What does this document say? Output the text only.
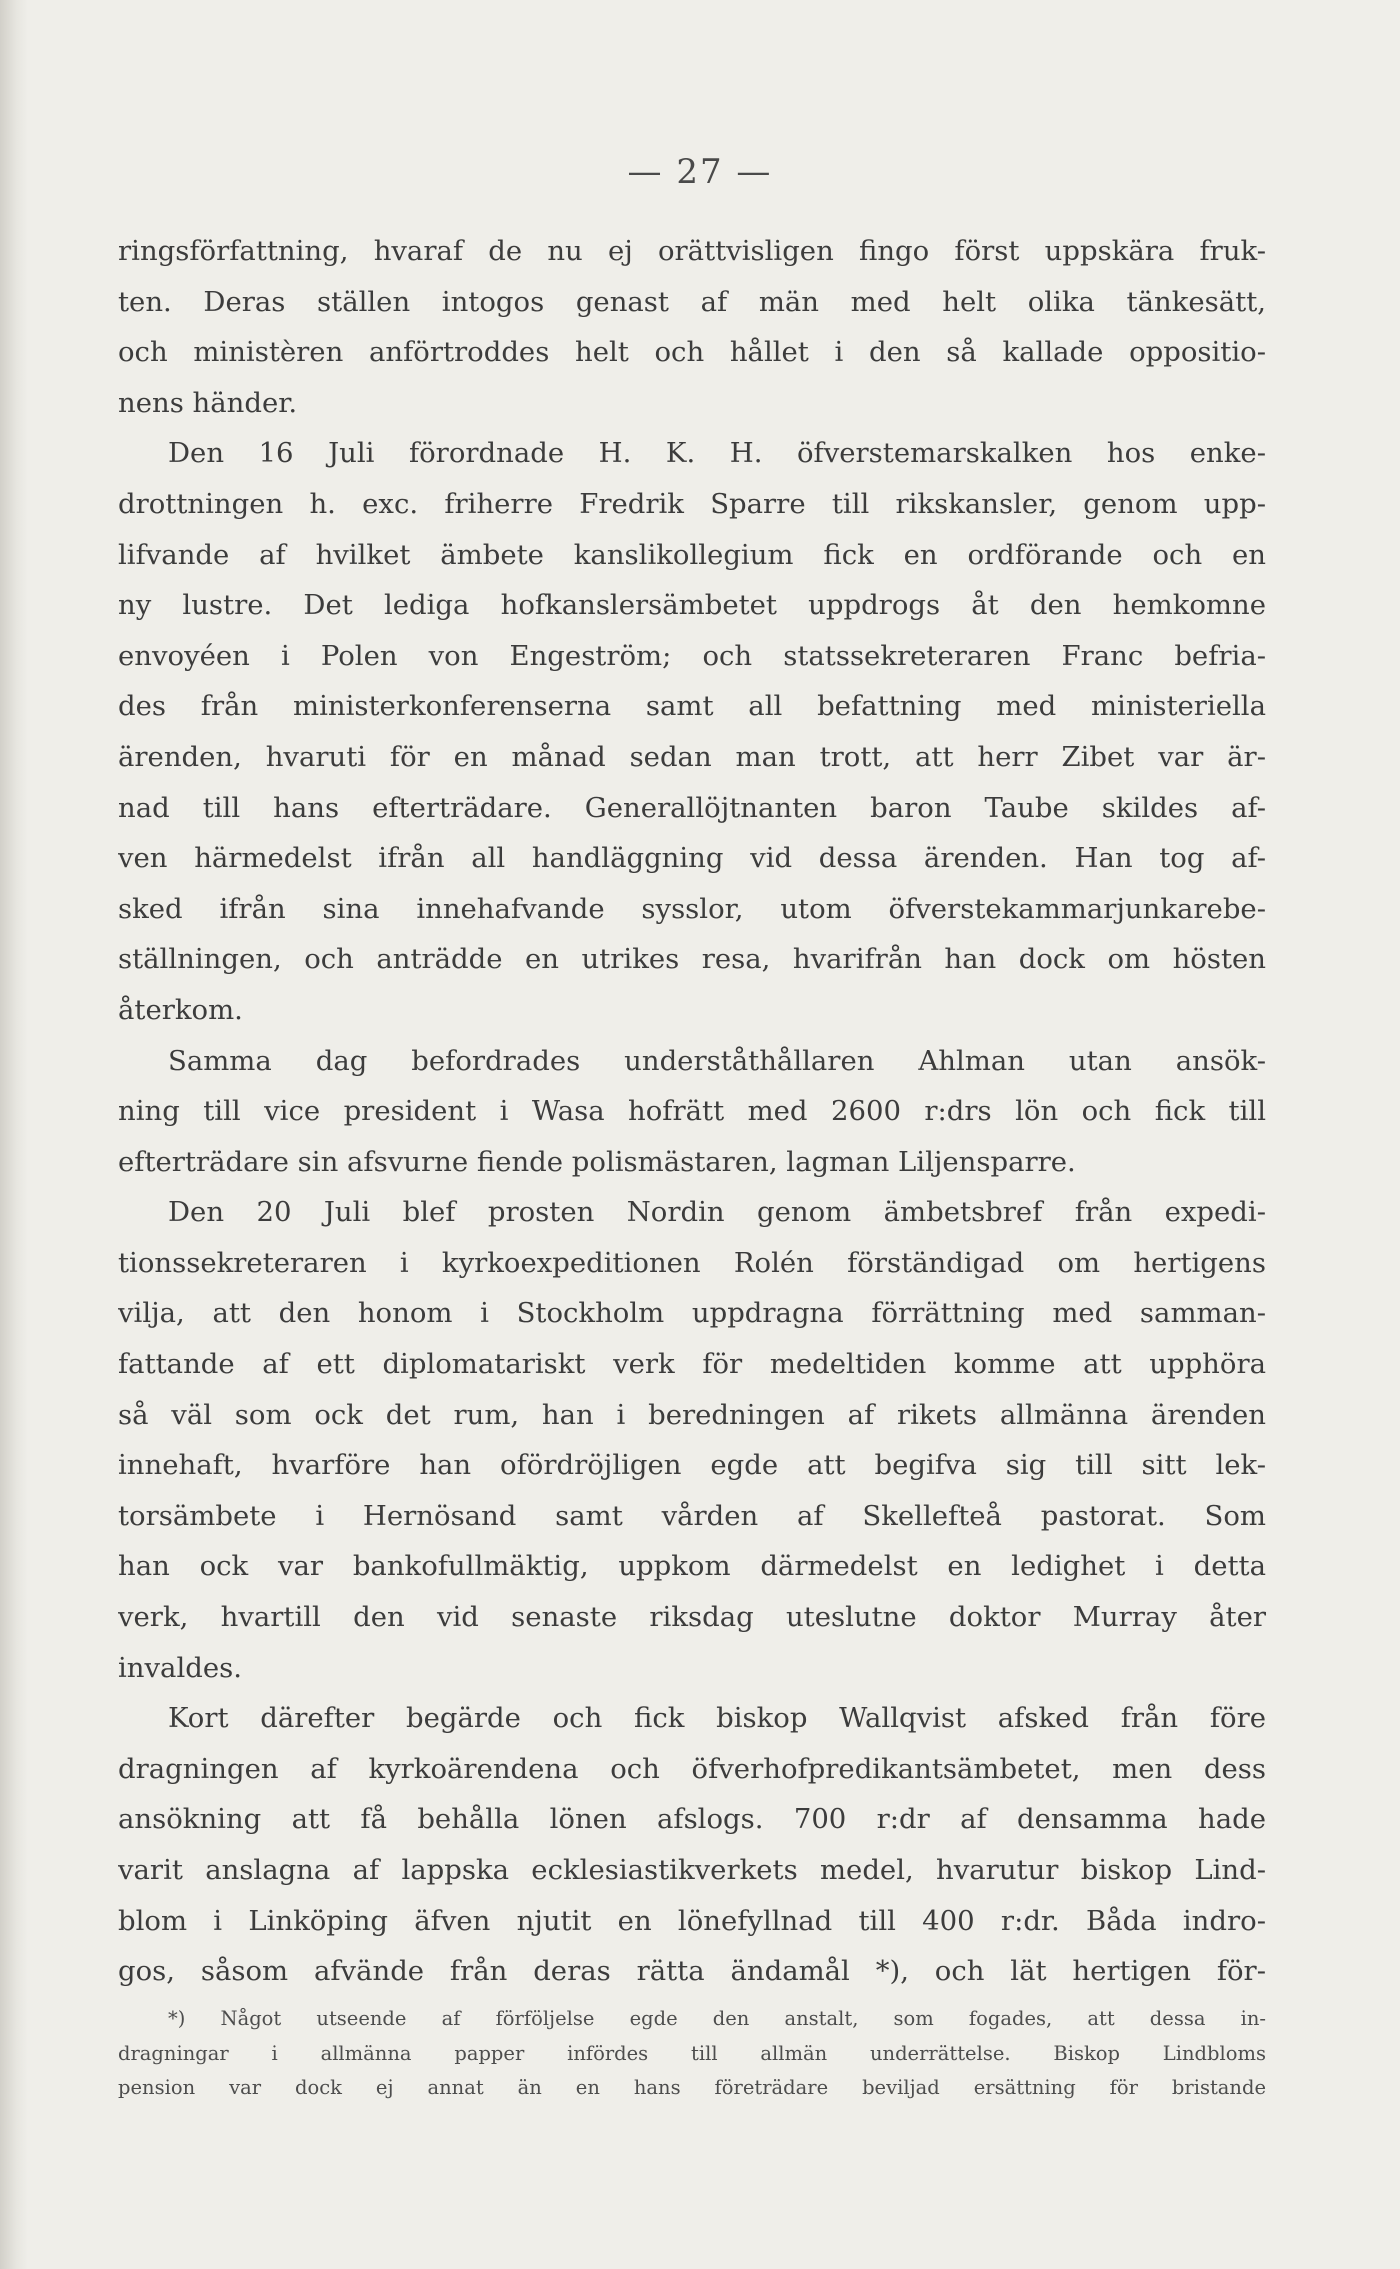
— 27 —

ringsförfattning, hvaraf de nu ej orättvisligen fingo först uppskära fruk-
ten. Deras ställen intogos genast af män med helt olika tänkesätt,
och ministèren anförtroddes helt och hållet i den så kallade oppositio-
nens händer.
Den 16 Juli förordnade H. K. H. öfverstemarskalken hos enke-
drottningen h. exc. friherre Fredrik Sparre till rikskansler, genom upp-
lifvande af hvilket ämbete kanslikollegium fick en ordförande och en
ny lustre. Det lediga hofkanslersämbetet uppdrogs åt den hemkomne
envoyéen i Polen von Engeström; och statssekreteraren Franc befria-
des från ministerkonferenserna samt all befattning med ministeriella
ärenden, hvaruti för en månad sedan man trott, att herr Zibet var är-
nad till hans efterträdare. Generallöjtnanten baron Taube skildes af-
ven härmedelst ifrån all handläggning vid dessa ärenden. Han tog af-
sked ifrån sina innehafvande sysslor, utom öfverstekammarjunkarebe-
ställningen, och anträdde en utrikes resa, hvarifrån han dock om hösten
återkom.
Samma dag befordrades underståthållaren Ahlman utan ansök-
ning till vice president i Wasa hofrätt med 2600 r:drs lön och fick till
efterträdare sin afsvurne fiende polismästaren, lagman Liljensparre.
Den 20 Juli blef prosten Nordin genom ämbetsbref från expedi-
tionssekreteraren i kyrkoexpeditionen Rolén förständigad om hertigens
vilja, att den honom i Stockholm uppdragna förrättning med samman-
fattande af ett diplomatariskt verk för medeltiden komme att upphöra
så väl som ock det rum, han i beredningen af rikets allmänna ärenden
innehaft, hvarföre han ofördröjligen egde att begifva sig till sitt lek-
torsämbete i Hernösand samt vården af Skellefteå pastorat. Som
han ock var bankofullmäktig, uppkom därmedelst en ledighet i detta
verk, hvartill den vid senaste riksdag uteslutne doktor Murray åter
invaldes.
Kort därefter begärde och fick biskop Wallqvist afsked från före
dragningen af kyrkoärendena och öfverhofpredikantsämbetet, men dess
ansökning att få behålla lönen afslogs. 700 r:dr af densamma hade
varit anslagna af lappska ecklesiastikverkets medel, hvarutur biskop Lind-
blom i Linköping äfven njutit en lönefyllnad till 400 r:dr. Båda indro-
gos, såsom afvände från deras rätta ändamål *), och lät hertigen för-
*) Något utseende af förföljelse egde den anstalt, som fogades, att dessa in-
dragningar i allmänna papper infördes till allmän underrättelse. Biskop Lindbloms
pension var dock ej annat än en hans företrädare beviljad ersättning för bristande
